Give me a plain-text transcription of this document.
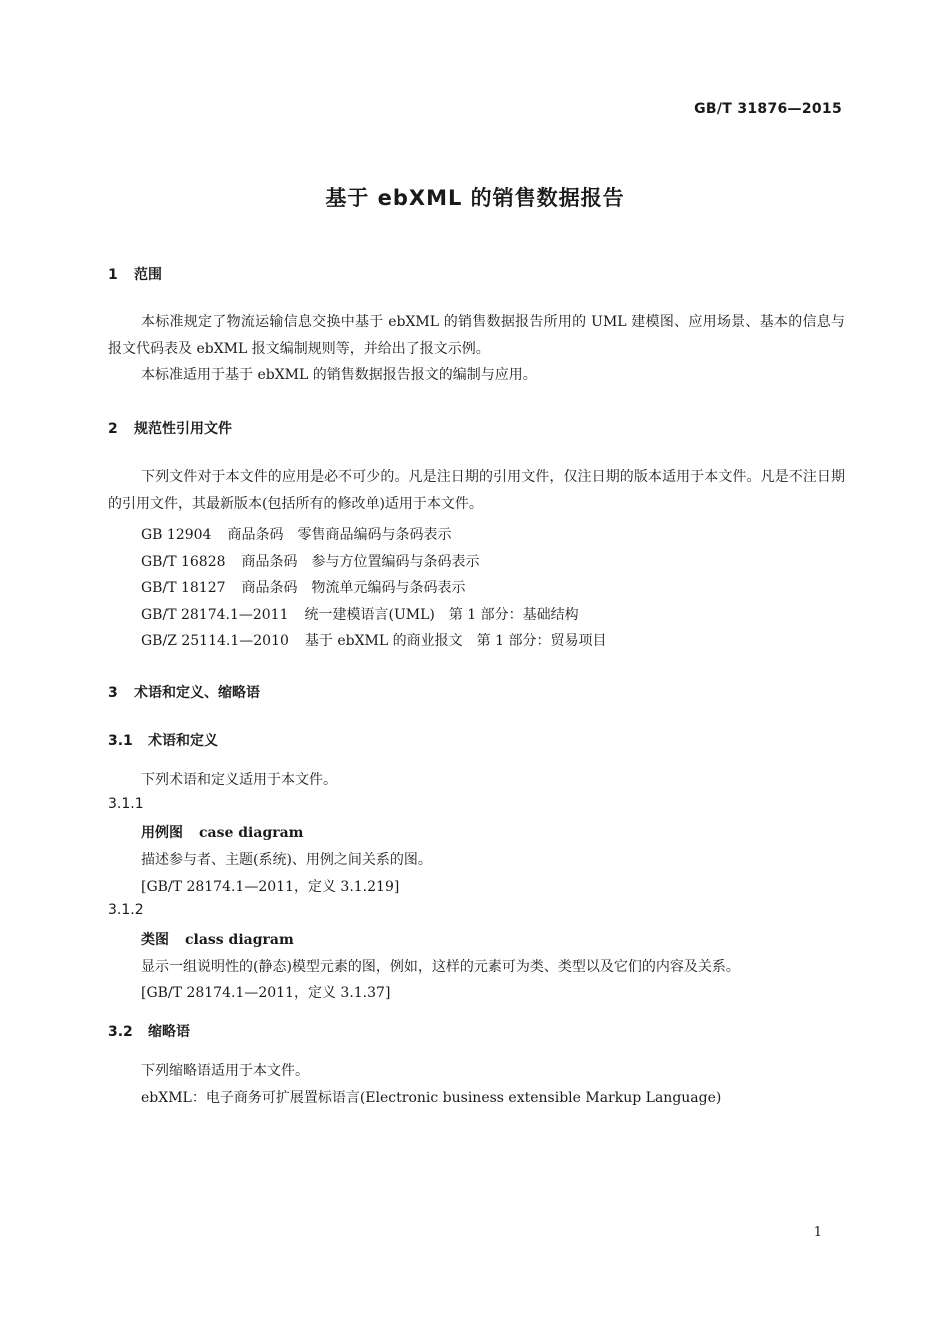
GB/T 31876—2015
基于 ebXML 的销售数据报告
1 范围
本标准规定了物流运输信息交换中基于 ebXML 的销售数据报告所用的 UML 建模图、应用场景、基本的信息与报文代码表及 ebXML 报文编制规则等，并给出了报文示例。
本标准适用于基于 ebXML 的销售数据报告报文的编制与应用。
2 规范性引用文件
下列文件对于本文件的应用是必不可少的。凡是注日期的引用文件，仅注日期的版本适用于本文件。凡是不注日期的引用文件，其最新版本(包括所有的修改单)适用于本文件。
GB 12904 商品条码　零售商品编码与条码表示
GB/T 16828 商品条码　参与方位置编码与条码表示
GB/T 18127 商品条码　物流单元编码与条码表示
GB/T 28174.1—2011 统一建模语言(UML)　第 1 部分：基础结构
GB/Z 25114.1—2010 基于 ebXML 的商业报文　第 1 部分：贸易项目
3 术语和定义、缩略语
3.1 术语和定义
下列术语和定义适用于本文件。
3.1.1
用例图 case diagram
描述参与者、主题(系统)、用例之间关系的图。
[GB/T 28174.1—2011，定义 3.1.219]
3.1.2
类图 class diagram
显示一组说明性的(静态)模型元素的图，例如，这样的元素可为类、类型以及它们的内容及关系。
[GB/T 28174.1—2011，定义 3.1.37]
3.2 缩略语
下列缩略语适用于本文件。
ebXML：电子商务可扩展置标语言(Electronic business extensible Markup Language)
1
